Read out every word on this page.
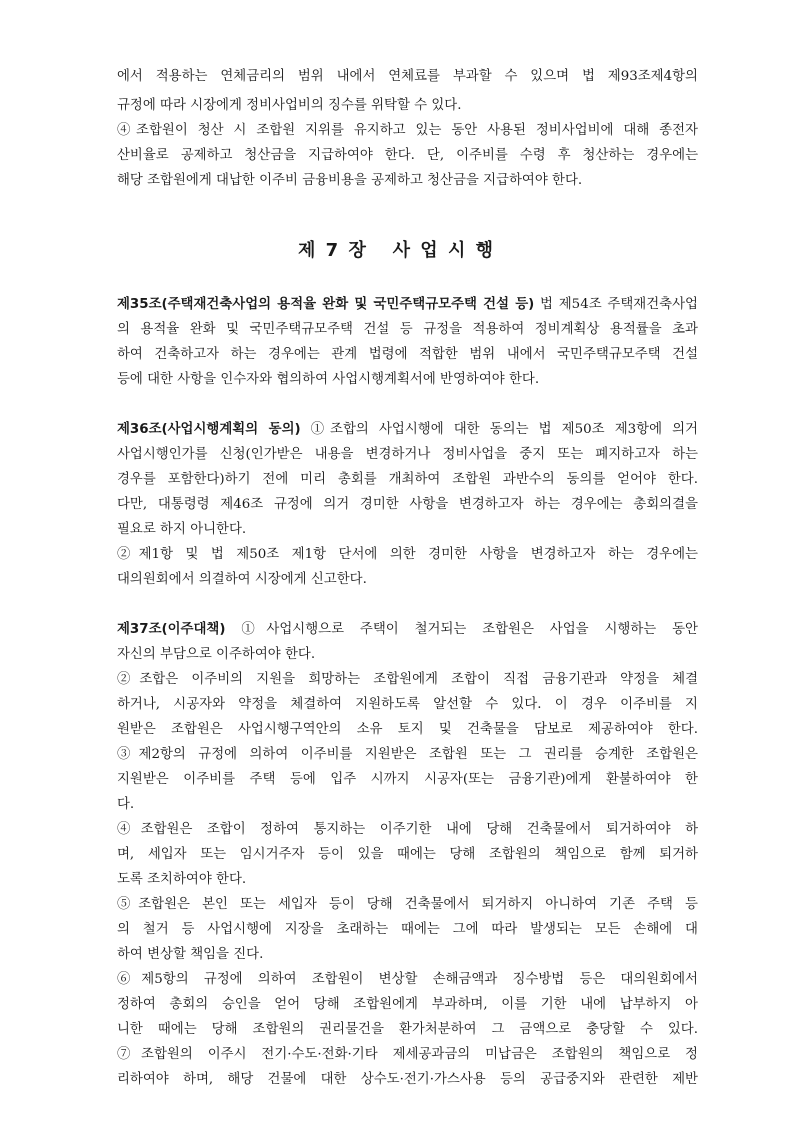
에서 적용하는 연체금리의 범위 내에서 연체료를 부과할 수 있으며 법 제93조제4항의
규정에 따라 시장에게 정비사업비의 징수를 위탁할 수 있다.
④조합원이 청산 시 조합원 지위를 유지하고 있는 동안 사용된 정비사업비에 대해 종전자
산비율로 공제하고 청산금을 지급하여야 한다. 단, 이주비를 수령 후 청산하는 경우에는
해당 조합원에게 대납한 이주비 금융비용을 공제하고 청산금을 지급하여야 한다.
제 7 장   사 업 시 행
제35조(주택재건축사업의 용적율 완화 및 국민주택규모주택 건설 등) 법 제54조 주택재건축사업
의 용적율 완화 및 국민주택규모주택 건설 등 규정을 적용하여 정비계획상 용적률을 초과
하여 건축하고자 하는 경우에는 관계 법령에 적합한 범위 내에서 국민주택규모주택 건설
등에 대한 사항을 인수자와 협의하여 사업시행계획서에 반영하여야 한다.
제36조(사업시행계획의 동의) ①조합의 사업시행에 대한 동의는 법 제50조 제3항에 의거
사업시행인가를 신청(인가받은 내용을 변경하거나 정비사업을 중지 또는 폐지하고자 하는
경우를 포함한다)하기 전에 미리 총회를 개최하여 조합원 과반수의 동의를 얻어야 한다.
다만, 대통령령 제46조 규정에 의거 경미한 사항을 변경하고자 하는 경우에는 총회의결을
필요로 하지 아니한다.
②제1항 및 법 제50조 제1항 단서에 의한 경미한 사항을 변경하고자 하는 경우에는
대의원회에서 의결하여 시장에게 신고한다.
제37조(이주대책) ①사업시행으로 주택이 철거되는 조합원은 사업을 시행하는 동안
자신의 부담으로 이주하여야 한다.
②조합은 이주비의 지원을 희망하는 조합원에게 조합이 직접 금융기관과 약정을 체결
하거나, 시공자와 약정을 체결하여 지원하도록 알선할 수 있다. 이 경우 이주비를 지
원받은 조합원은 사업시행구역안의 소유 토지 및 건축물을 담보로 제공하여야 한다.
③제2항의 규정에 의하여 이주비를 지원받은 조합원 또는 그 권리를 승계한 조합원은
지원받은 이주비를 주택 등에 입주 시까지 시공자(또는 금융기관)에게 환불하여야 한
다.
④조합원은 조합이 정하여 통지하는 이주기한 내에 당해 건축물에서 퇴거하여야 하
며, 세입자 또는 임시거주자 등이 있을 때에는 당해 조합원의 책임으로 함께 퇴거하
도록 조치하여야 한다.
⑤조합원은 본인 또는 세입자 등이 당해 건축물에서 퇴거하지 아니하여 기존 주택 등
의 철거 등 사업시행에 지장을 초래하는 때에는 그에 따라 발생되는 모든 손해에 대
하여 변상할 책임을 진다.
⑥제5항의 규정에 의하여 조합원이 변상할 손해금액과 징수방법 등은 대의원회에서
정하여 총회의 승인을 얻어 당해 조합원에게 부과하며, 이를 기한 내에 납부하지 아
니한 때에는 당해 조합원의 권리물건을 환가처분하여 그 금액으로 충당할 수 있다.
⑦조합원의 이주시 전기·수도·전화·기타 제세공과금의 미납금은 조합원의 책임으로 정
리하여야 하며, 해당 건물에 대한 상수도·전기·가스사용 등의 공급중지와 관련한 제반
